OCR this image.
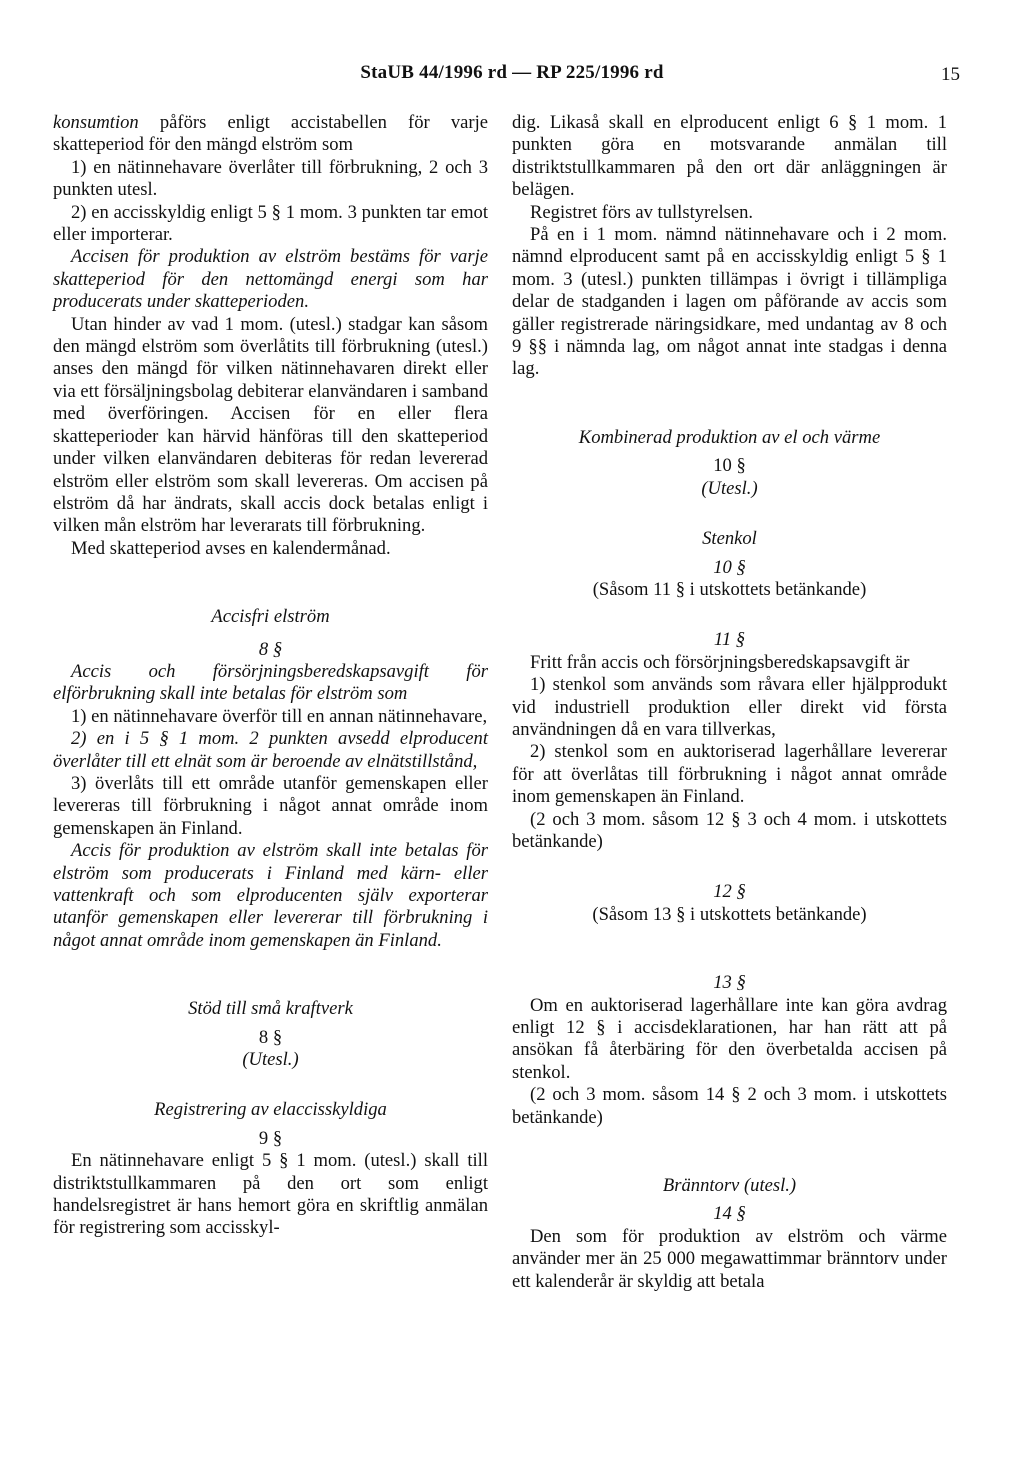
StaUB 44/1996 rd — RP 225/1996 rd	15

konsumtion påförs enligt accistabellen för varje skatteperiod för den mängd elström som

1) en nätinnehavare överlåter till förbrukning, 2 och 3 punkten utesl.

2) en accisskyldig enligt 5 § 1 mom. 3 punkten tar emot eller importerar.

Accisen för produktion av elström bestäms för varje skatteperiod för den nettomängd energi som har producerats under skatteperioden.

Utan hinder av vad 1 mom. (utesl.) stadgar kan såsom den mängd elström som överlåtits till förbrukning (utesl.) anses den mängd för vilken nätinnehavaren direkt eller via ett försäljningsbolag debiterar elanvändaren i samband med överföringen. Accisen för en eller flera skatteperioder kan härvid hänföras till den skatteperiod under vilken elanvändaren debiteras för redan levererad elström eller elström som skall levereras. Om accisen på elström då har ändrats, skall accis dock betalas enligt i vilken mån elström har leverarats till förbrukning.

Med skatteperiod avses en kalendermånad.

Accisfri elström

8 §

Accis och försörjningsberedskapsavgift för elförbrukning skall inte betalas för elström som

1) en nätinnehavare överför till en annan nätinnehavare,

2) en i 5 § 1 mom. 2 punkten avsedd elproducent överlåter till ett elnät som är beroende av elnätstillstånd,

3) överlåts till ett område utanför gemenskapen eller levereras till förbrukning i något annat område inom gemenskapen än Finland.

Accis för produktion av elström skall inte betalas för elström som producerats i Finland med kärn- eller vattenkraft och som elproducenten själv exporterar utanför gemenskapen eller levererar till förbrukning i något annat område inom gemenskapen än Finland.

Stöd till små kraftverk

8 §

(Utesl.)

Registrering av elaccisskyldiga

9 §

En nätinnehavare enligt 5 § 1 mom. (utesl.) skall till distriktstullkammaren på den ort som enligt handelsregistret är hans hemort göra en skriftlig anmälan för registrering som accisskyl-

dig. Likaså skall en elproducent enligt 6 § 1 mom. 1 punkten göra en motsvarande anmälan till distriktstullkammaren på den ort där anläggningen är belägen.

Registret förs av tullstyrelsen.

På en i 1 mom. nämnd nätinnehavare och i 2 mom. nämnd elproducent samt på en accisskyldig enligt 5 § 1 mom. 3 (utesl.) punkten tillämpas i övrigt i tillämpliga delar de stadganden i lagen om påförande av accis som gäller registrerade näringsidkare, med undantag av 8 och 9 §§ i nämnda lag, om något annat inte stadgas i denna lag.

Kombinerad produktion av el och värme

10 §

(Utesl.)

Stenkol

10 §

(Såsom 11 § i utskottets betänkande)

11 §

Fritt från accis och försörjningsberedskapsavgift är

1) stenkol som används som råvara eller hjälpprodukt vid industriell produktion eller direkt vid första användningen då en vara tillverkas,

2) stenkol som en auktoriserad lagerhållare levererar för att överlåtas till förbrukning i något annat område inom gemenskapen än Finland.

(2 och 3 mom. såsom 12 § 3 och 4 mom. i utskottets betänkande)

12 §

(Såsom 13 § i utskottets betänkande)

13 §

Om en auktoriserad lagerhållare inte kan göra avdrag enligt 12 § i accisdeklarationen, har han rätt att på ansökan få återbäring för den överbetalda accisen på stenkol.

(2 och 3 mom. såsom 14 § 2 och 3 mom. i utskottets betänkande)

Bränntorv (utesl.)

14 §

Den som för produktion av elström och värme använder mer än 25 000 megawattimmar bränntorv under ett kalenderår är skyldig att betala
